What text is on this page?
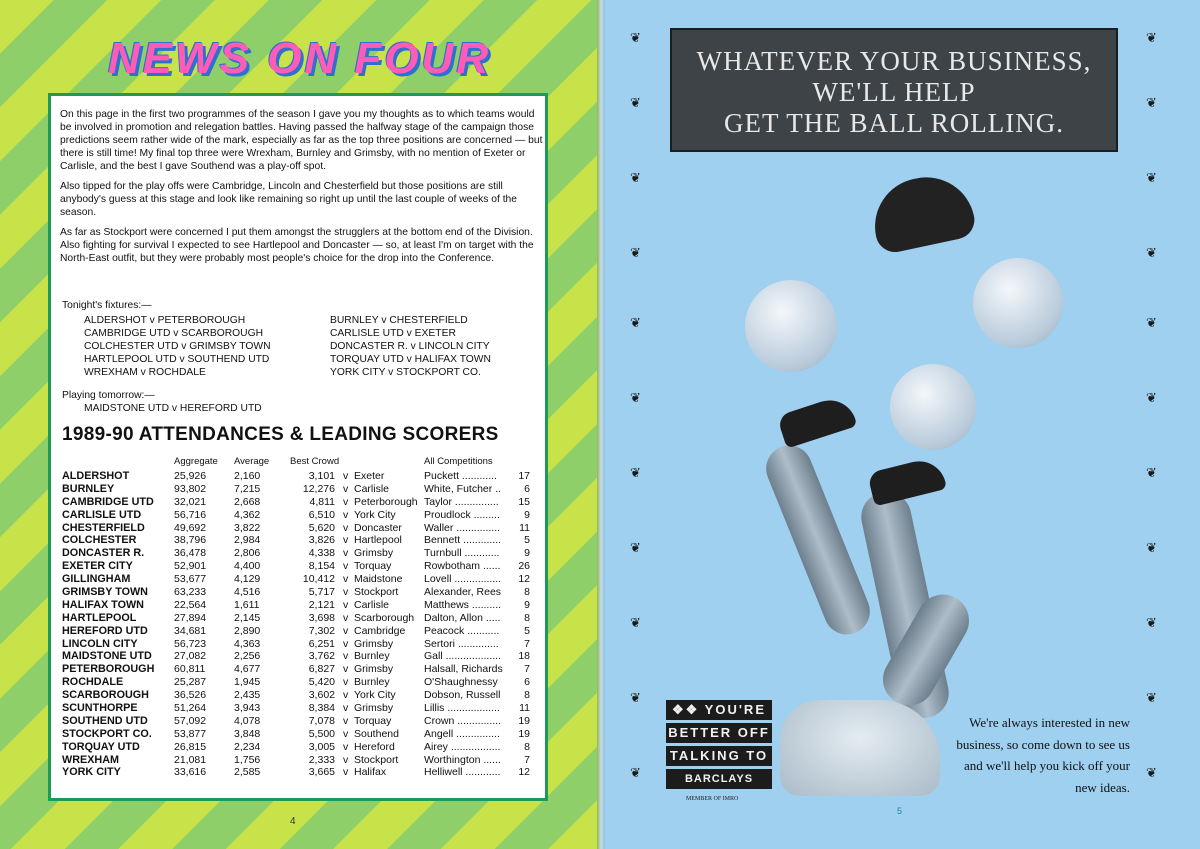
NEWS ON FOUR

On this page in the first two programmes of the season I gave you my thoughts as to which teams would be involved in promotion and relegation battles. Having passed the halfway stage of the campaign those predictions seem rather wide of the mark, especially as far as the top three positions are concerned — but there is still time! My final top three were Wrexham, Burnley and Grimsby, with no mention of Exeter or Carlisle, and the best I gave Southend was a play-off spot.

Also tipped for the play offs were Cambridge, Lincoln and Chesterfield but those positions are still anybody's guess at this stage and look like remaining so right up until the last couple of weeks of the season.

As far as Stockport were concerned I put them amongst the strugglers at the bottom end of the Division. Also fighting for survival I expected to see Hartlepool and Doncaster — so, at least I'm on target with the North-East outfit, but they were probably most people's choice for the drop into the Conference.

Tonight's fixtures:—
ALDERSHOT v PETERBOROUGH
CAMBRIDGE UTD v SCARBOROUGH
COLCHESTER UTD v GRIMSBY TOWN
HARTLEPOOL UTD v SOUTHEND UTD
WREXHAM v ROCHDALE
BURNLEY v CHESTERFIELD
CARLISLE UTD v EXETER
DONCASTER R. v LINCOLN CITY
TORQUAY UTD v HALIFAX TOWN
YORK CITY v STOCKPORT CO.
Playing tomorrow:—
MAIDSTONE UTD v HEREFORD UTD
1989-90 ATTENDANCES & LEADING SCORERS
Aggregate Average Best Crowd	All Competitions
ALDERSHOT	25,926	2,160	3,101 v Exeter	Puckett ............	17
BURNLEY	93,802	7,215	12,276 v Carlisle	White, Futcher ..	6
CAMBRIDGE UTD 32,021	2,668	4,811 v Peterborough Taylor ...............	15
CARLISLE UTD	56,716	4,362	6,510 v York City	Proudlock .........	9
CHESTERFIELD	49,692	3,822	5,620 v Doncaster Waller ...............	11
COLCHESTER	38,796	2,984	3,826 v Hartlepool Bennett .............	5
DONCASTER R.	36,478	2,806	4,338 v Grimsby	Turnbull ............	9
EXETER CITY	52,901	4,400	8,154 v Torquay	Rowbotham ......	26
GILLINGHAM	53,677	4,129	10,412 v Maidstone Lovell ................	12
GRIMSBY TOWN 63,233	4,516	5,717 v Stockport Alexander, Rees	8
HALIFAX TOWN	22,564	1,611	2,121 v Carlisle	Matthews ..........	9
HARTLEPOOL	27,894	2,145	3,698 v Scarborough Dalton, Allon .....	8
HEREFORD UTD 34,681	2,890	7,302 v Cambridge Peacock ...........	5
LINCOLN CITY	56,723	4,363	6,251 v Grimsby	Sertori ..............	7
MAIDSTONE UTD 27,082	2,256	3,762 v Burnley	Gall ...................	18
PETERBOROUGH 60,811	4,677	6,827 v Grimsby	Halsall, Richards	7
ROCHDALE	25,287	1,945	5,420 v Burnley	O'Shaughnessy	6
SCARBOROUGH 36,526	2,435	3,602 v York City	Dobson, Russell	8
SCUNTHORPE	51,264	3,943	8,384 v Grimsby	Lillis ..................	11
SOUTHEND UTD 57,092	4,078	7,078 v Torquay	Crown ...............	19
STOCKPORT CO. 53,877	3,848	5,500 v Southend Angell ...............	19
TORQUAY UTD	26,815	2,234	3,005 v Hereford	Airey .................	8
WREXHAM	21,081	1,756	2,333 v Stockport Worthington ......	7
YORK CITY	33,616	2,585	3,665 v Halifax	Helliwell ............	12
4
❦	❦
❦	❦
❦	❦
❦	❦
❦	❦
❦	❦
❦	❦
❦	❦
❦	❦
❦	❦
❦	❦
WHATEVER YOUR BUSINESS,
WE'LL HELP
GET THE BALL ROLLING.
❖❖ YOU'RE
BETTER OFF
TALKING TO
BARCLAYS
MEMBER OF IMRO
We're always interested in new
business, so come down to see us
and we'll help you kick off your
new ideas.
5
